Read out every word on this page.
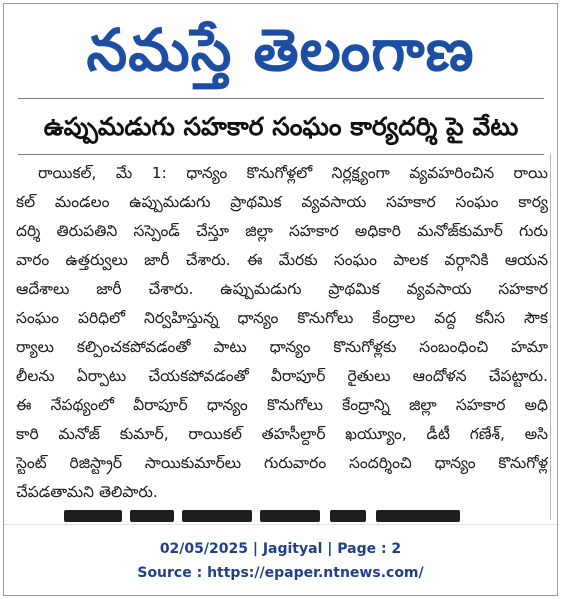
నమస్తే తెలంగాణ
ఉప్పుమడుగు సహకార సంఘం కార్యదర్శి పై వేటు
రాయికల్, మే 1: ధాన్యం కొనుగోళ్లలో నిర్లక్ష్యంగా వ్యవహరించిన రాయి
కల్ మండలం ఉప్పుమడుగు ప్రాథమిక వ్యవసాయ సహకార సంఘం కార్య
దర్శి తిరుపతిని సస్పెండ్ చేస్తూ జిల్లా సహకార అధికారి మనోజ్‌కుమార్ గురు
వారం ఉత్తర్వులు జారీ చేశారు. ఈ మేరకు సంఘం పాలక వర్గానికి ఆయన
ఆదేశాలు జారీ చేశారు. ఉప్పుమడుగు ప్రాథమిక వ్యవసాయ సహకార
సంఘం పరిధిలో నిర్వహిస్తున్న ధాన్యం కొనుగోలు కేంద్రాల వద్ద కనీస సౌక
ర్యాలు కల్పించకపోవడంతో పాటు ధాన్యం కొనుగోళ్లకు సంబంధించి హమా
లీలను ఏర్పాటు చేయకపోవడంతో వీరాపూర్ రైతులు ఆందోళన చేపట్టారు.
ఈ నేపథ్యంలో వీరాపూర్ ధాన్యం కొనుగోలు కేంద్రాన్ని జిల్లా సహకార అధి
కారి మనోజ్ కుమార్, రాయికల్ తహసీల్దార్ ఖయ్యూం, డీటీ గణేశ్, అసి
స్టెంట్ రిజిస్ట్రార్ సాయికుమార్‌లు గురువారం సందర్శించి ధాన్యం కొనుగోళ్ల
చేపడతామని తెలిపారు.
02/05/2025 | Jagityal | Page : 2
Source : https://epaper.ntnews.com/
